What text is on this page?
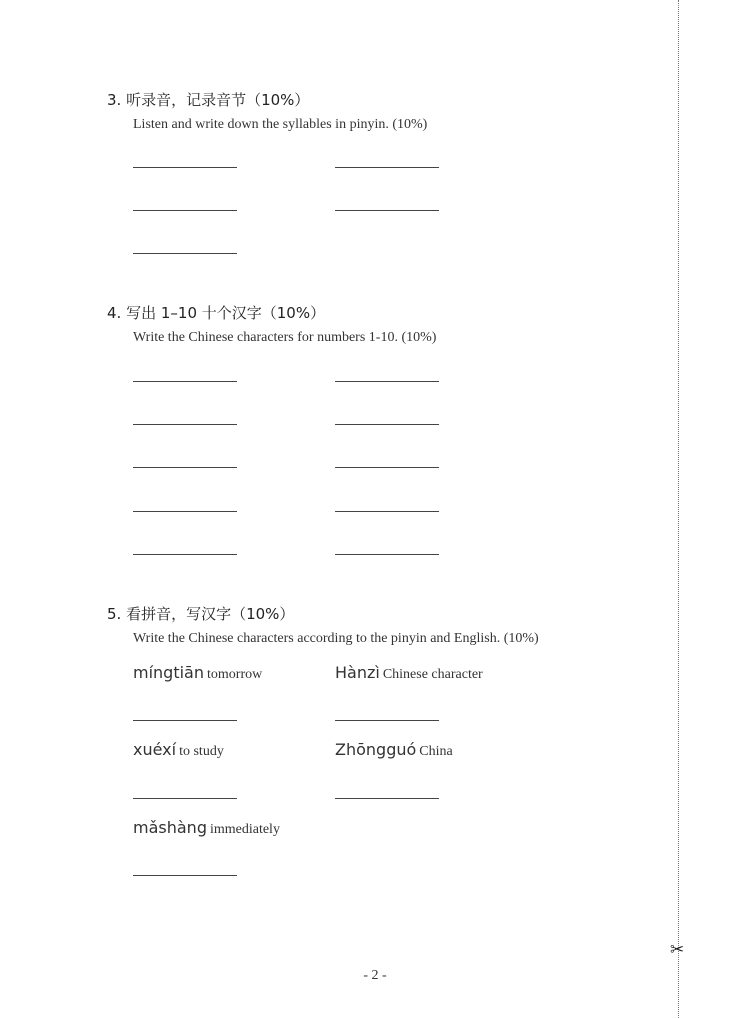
3. 听录音，记录音节（10%）
Listen and write down the syllables in pinyin. (10%)
4. 写出 1–10 十个汉字（10%）
Write the Chinese characters for numbers 1-10. (10%)
5. 看拼音，写汉字（10%）
Write the Chinese characters according to the pinyin and English. (10%)
míngtiān tomorrow	Hànzì Chinese character
xuéxí to study	Zhōngguó China
mǎshàng immediately
✂
- 2 -
